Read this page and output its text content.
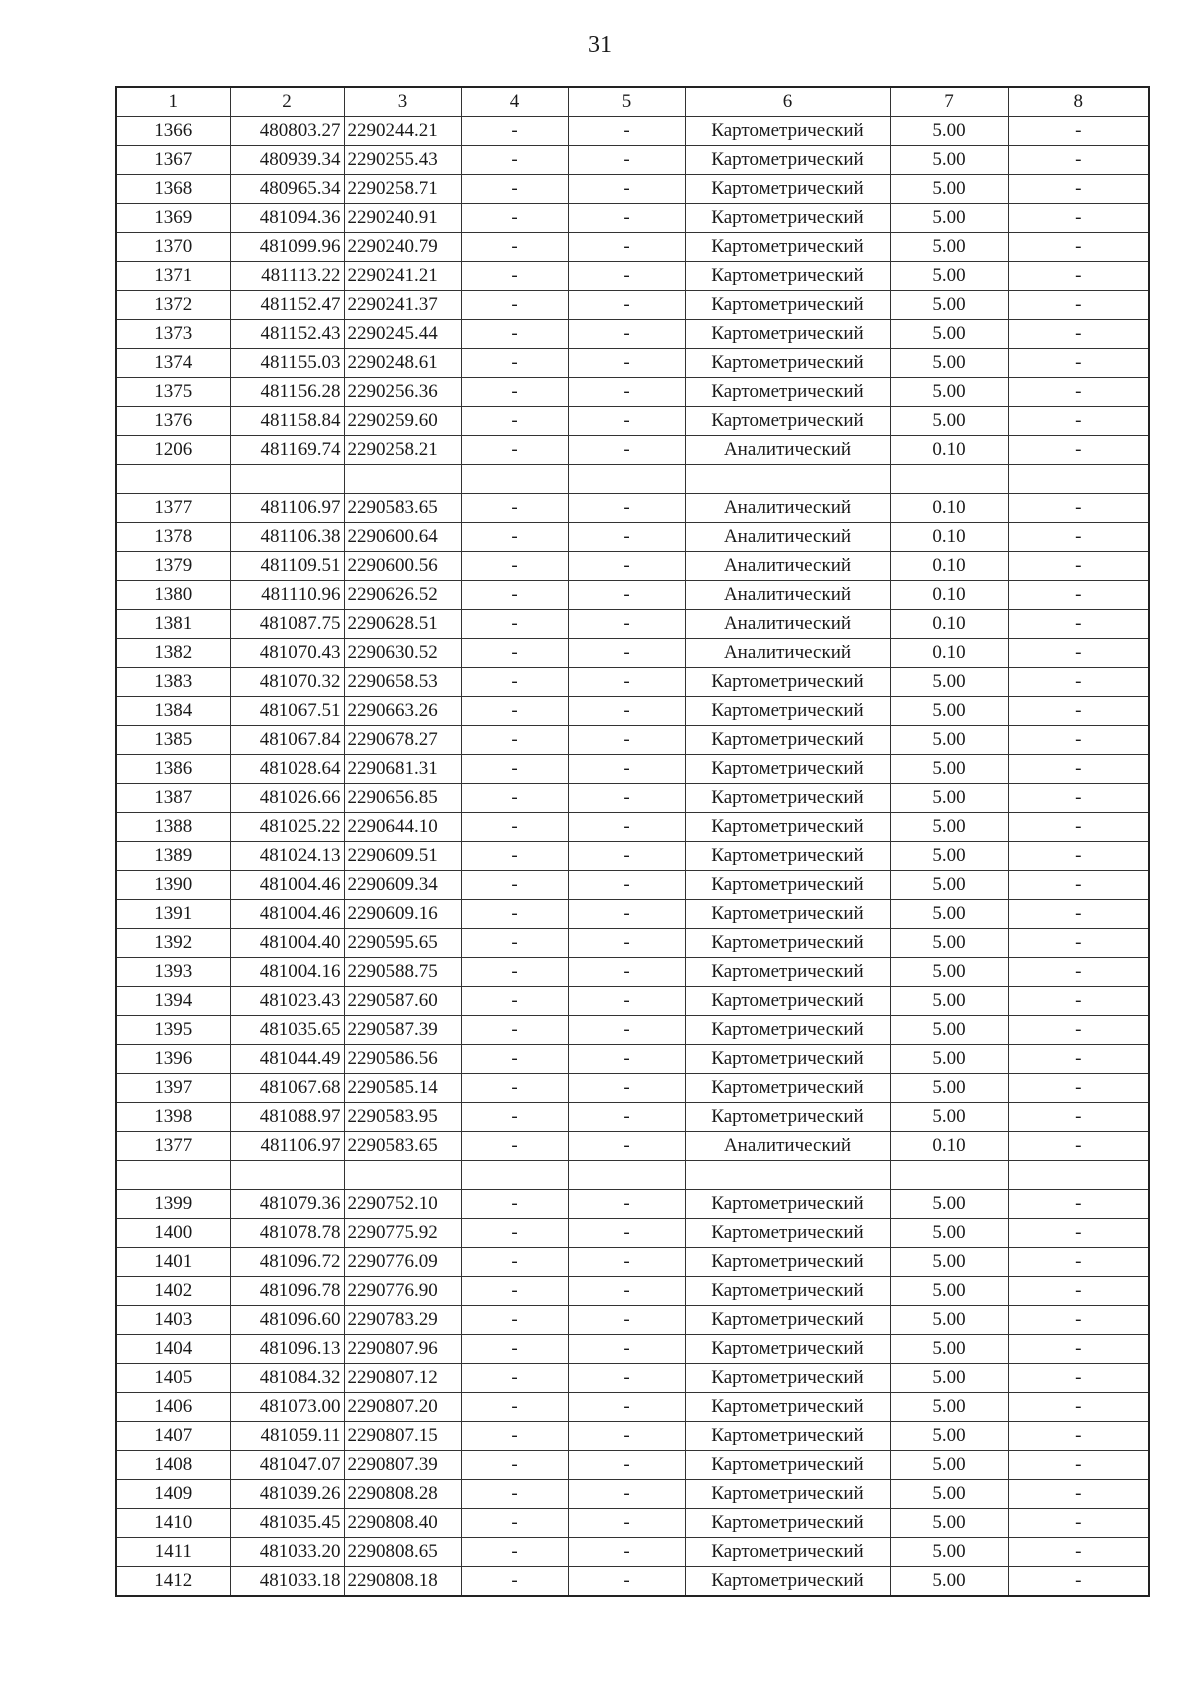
31
1	2	3	4	5	6	7	8
1366	480803.27	2290244.21	-	-	Картометрический	5.00	-
1367	480939.34	2290255.43	-	-	Картометрический	5.00	-
1368	480965.34	2290258.71	-	-	Картометрический	5.00	-
1369	481094.36	2290240.91	-	-	Картометрический	5.00	-
1370	481099.96	2290240.79	-	-	Картометрический	5.00	-
1371	481113.22	2290241.21	-	-	Картометрический	5.00	-
1372	481152.47	2290241.37	-	-	Картометрический	5.00	-
1373	481152.43	2290245.44	-	-	Картометрический	5.00	-
1374	481155.03	2290248.61	-	-	Картометрический	5.00	-
1375	481156.28	2290256.36	-	-	Картометрический	5.00	-
1376	481158.84	2290259.60	-	-	Картометрический	5.00	-
1206	481169.74	2290258.21	-	-	Аналитический	0.10	-

1377	481106.97	2290583.65	-	-	Аналитический	0.10	-
1378	481106.38	2290600.64	-	-	Аналитический	0.10	-
1379	481109.51	2290600.56	-	-	Аналитический	0.10	-
1380	481110.96	2290626.52	-	-	Аналитический	0.10	-
1381	481087.75	2290628.51	-	-	Аналитический	0.10	-
1382	481070.43	2290630.52	-	-	Аналитический	0.10	-
1383	481070.32	2290658.53	-	-	Картометрический	5.00	-
1384	481067.51	2290663.26	-	-	Картометрический	5.00	-
1385	481067.84	2290678.27	-	-	Картометрический	5.00	-
1386	481028.64	2290681.31	-	-	Картометрический	5.00	-
1387	481026.66	2290656.85	-	-	Картометрический	5.00	-
1388	481025.22	2290644.10	-	-	Картометрический	5.00	-
1389	481024.13	2290609.51	-	-	Картометрический	5.00	-
1390	481004.46	2290609.34	-	-	Картометрический	5.00	-
1391	481004.46	2290609.16	-	-	Картометрический	5.00	-
1392	481004.40	2290595.65	-	-	Картометрический	5.00	-
1393	481004.16	2290588.75	-	-	Картометрический	5.00	-
1394	481023.43	2290587.60	-	-	Картометрический	5.00	-
1395	481035.65	2290587.39	-	-	Картометрический	5.00	-
1396	481044.49	2290586.56	-	-	Картометрический	5.00	-
1397	481067.68	2290585.14	-	-	Картометрический	5.00	-
1398	481088.97	2290583.95	-	-	Картометрический	5.00	-
1377	481106.97	2290583.65	-	-	Аналитический	0.10	-

1399	481079.36	2290752.10	-	-	Картометрический	5.00	-
1400	481078.78	2290775.92	-	-	Картометрический	5.00	-
1401	481096.72	2290776.09	-	-	Картометрический	5.00	-
1402	481096.78	2290776.90	-	-	Картометрический	5.00	-
1403	481096.60	2290783.29	-	-	Картометрический	5.00	-
1404	481096.13	2290807.96	-	-	Картометрический	5.00	-
1405	481084.32	2290807.12	-	-	Картометрический	5.00	-
1406	481073.00	2290807.20	-	-	Картометрический	5.00	-
1407	481059.11	2290807.15	-	-	Картометрический	5.00	-
1408	481047.07	2290807.39	-	-	Картометрический	5.00	-
1409	481039.26	2290808.28	-	-	Картометрический	5.00	-
1410	481035.45	2290808.40	-	-	Картометрический	5.00	-
1411	481033.20	2290808.65	-	-	Картометрический	5.00	-
1412	481033.18	2290808.18	-	-	Картометрический	5.00	-
